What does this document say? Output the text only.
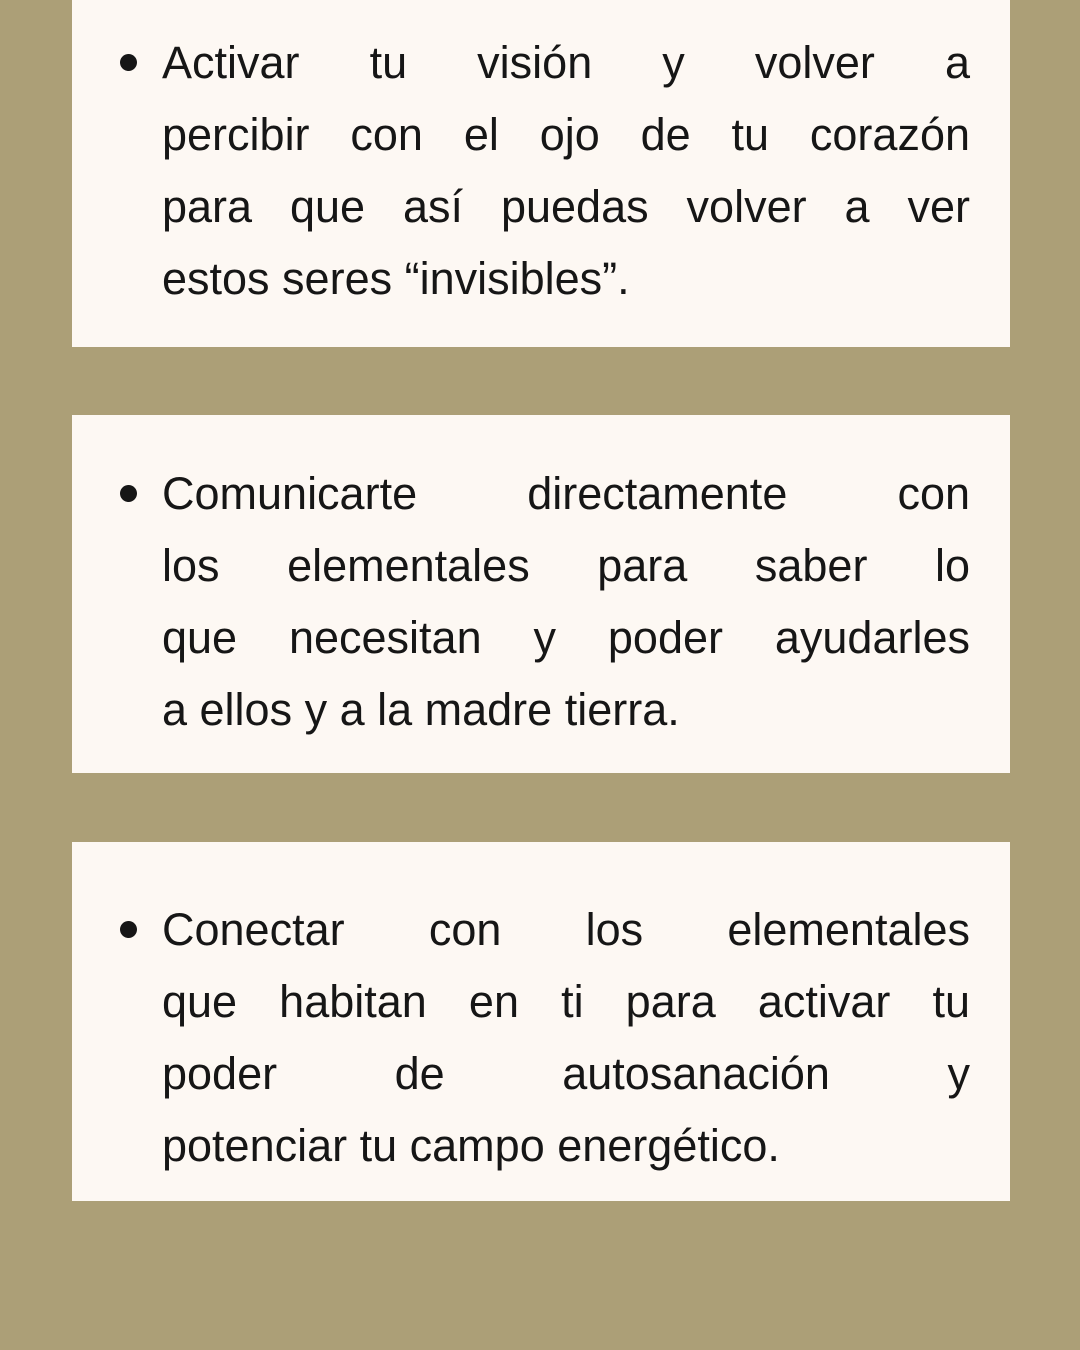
Activar tu visión y volver a
percibir con el ojo de tu corazón
para que así puedas volver a ver
estos seres “invisibles”.
Comunicarte directamente con
los elementales para saber lo
que necesitan y poder ayudarles
a ellos y a la madre tierra.
Conectar con los elementales
que habitan en ti para activar tu
poder de autosanación y
potenciar tu campo energético.
